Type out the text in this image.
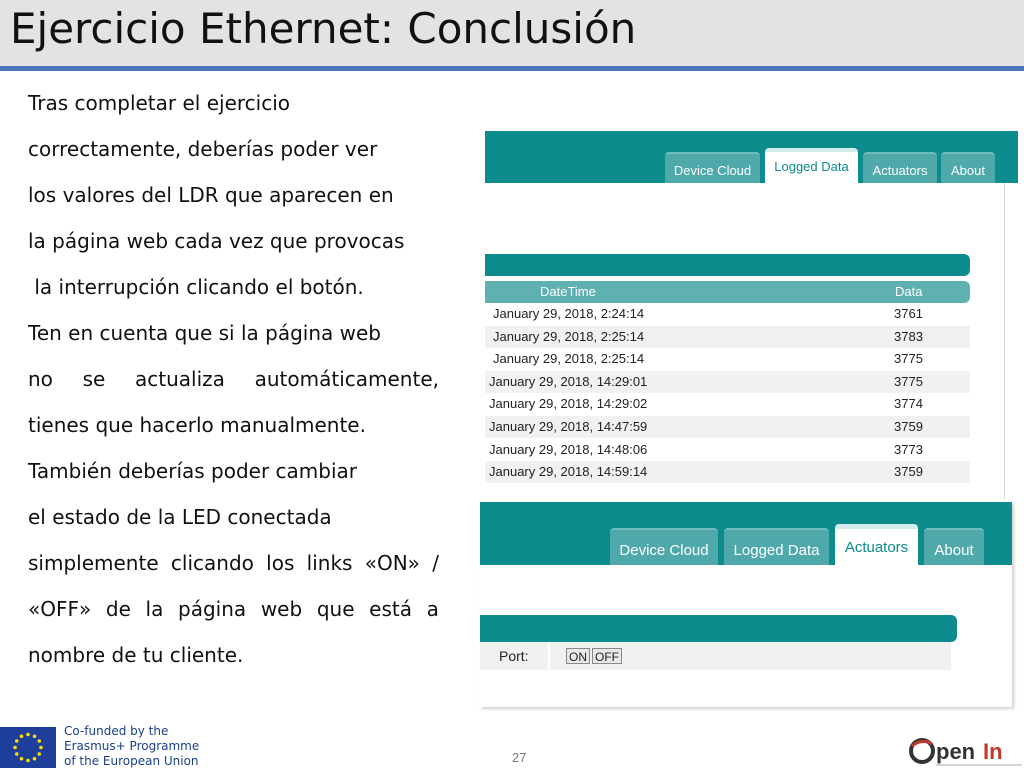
Ejercicio Ethernet: Conclusión
Tras completar el ejercicio
correctamente, deberías poder ver
los valores del LDR que aparecen en
la página web cada vez que provocas
la interrupción clicando el botón.
Ten en cuenta que si la página web
no se actualiza automáticamente,
tienes que hacerlo manualmente.
También deberías poder cambiar
el estado de la LED conectada
simplemente clicando los links «ON» /
«OFF» de la página web que está a
nombre de tu cliente.
Device Cloud	Logged Data	Actuators	About
DateTime	Data
January 29, 2018, 2:24:14	3761
January 29, 2018, 2:25:14	3783
January 29, 2018, 2:25:14	3775
January 29, 2018, 14:29:01	3775
January 29, 2018, 14:29:02	3774
January 29, 2018, 14:47:59	3759
January 29, 2018, 14:48:06	3773
January 29, 2018, 14:59:14	3759
Device Cloud	Logged Data	Actuators	About
Port:	ON OFF
Co-funded by the
Erasmus+ Programme
of the European Union	27	pen In
